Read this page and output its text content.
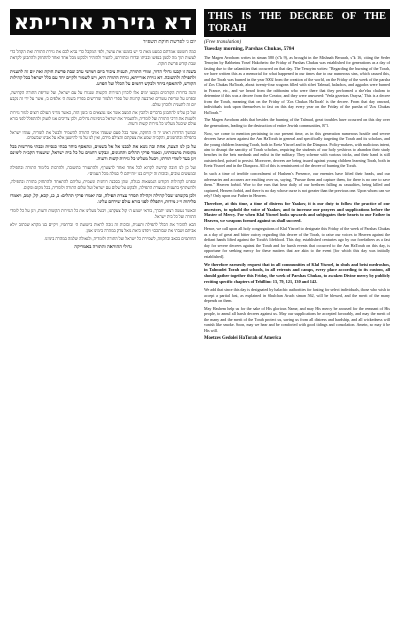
דא גזירת אורייתא
יום ג׳ לפרשת חוקת תשפ״ד

כמה חששנו אמרתם כמעט מאת כי יש בזמננו את עושר, ולפי המקבל כדי נביא לכם את גזירת התורה ואת הקהל כדי לעשות תוך מה לסמן בנפשו ובביתו ובדורו ובתורתנו, להעיר ולהזהיר ולבקש מכל אחד ואחד להתחזק ולהתכונן לקראת שבת קודש פרשת חוקת.

בשנה זו קבעו גדולי הדור, ומורי התורה, תענית ציבור ביום חמישי ערב שבת פרשת חוקת ואת יום זה לתענית ולתפילה ולתשובה. דא גזירת אורייתא, גזירת התורה היא, ויש לשמור ולקיים יחד עם כלל ישראל בכל קהילות הקודש, להתאסף ביחד ולבקש רחמים על הכלל ועל הפרט.

והנה בדורות הקודמים נקבעו ימים אלו לזכרון הגזירות הקשות שנגזרו על עם ישראל, ועל שריפת התורה הקדושה, ובפרט על שריפת עשרים וארבעה קרונות של ספרי תלמוד ומדרשים בפריז בשנת ה׳ אלפים ב׳, אשר על ידי זה נקבע יום זה לתענית ולזכרון עולם.

ועל כן עלינו להתבונן בדברים ולהבין את המצב אשר אנו נמצאים בו בזמן הזה, כאשר מדיני העולם רוצים לגזור גזירות ולשנות את דרכי התורה ועל לומדיה, ולהעמיד את ישראל בניסיונות גדולים, ולכן צריכים אנו לזעוק ולהתפלל לפני בורא עולם שיבטל מעלינו כל גזירות קשות ורעות.

ובמשך הדורות ראינו יד ה׳ החזקה, אשר בכל פעם שעמדו אויבי התורה להשמיד ולבטל את לומדיה, עמדו ישראל בתפילה ובתחנונים, והקב״ה שמע את צעקתם והצילם מידם, ואין לנו על מי להישען אלא על אבינו שבשמים.

על כן לנו הצעה, אחת ובה נשא את לבבנו אל אל בשמים, ונתאסף ביחד בבתי כנסיות ובבתי מדרשות בכל מקומות מושבותינו, ונאמר פרקי תהלים ותחנונים, ונבקש רחמים על כל בית ישראל, שיעמוד הקב״ה לימינם ויגן בעד לומדי תורתו, ויבטל מעלינו כל גזירות קשות ורעות.

ועל כן לנו חובה קדושה לקרוא לכל אחד ואחד להצטרף, ולהתעורר בתשובה, ולהרבות בלימוד התורה ובתפילה ובמעשים טובים, ובזכות זה יקויים בנו ״והייתם לי סגולה מכל העמים״.

ובפרט לקהילות הקודש הנמצאות בגולה, שהן בסכנה רוחנית וגשמית, עליהם להתאחד ולהתחזק בתורה ובתפילה, ולהשתתף בתענית ובעצרת התפילה, ולבקש על שלום עם ישראל ועל שלום התורה ולומדיה, בכל מקום ומקום.

ולכן בקשתנו שכל קהילה וקהילה תסדר עצרת תפילה, ובה יאמרו פרקי תהלים: כ, כג, קכא, קל, קמב, ויאמרו סליחות וי״ג מידות, ויתפללו לפני בורא עולם שירחם עלינו.

וכאשר נעשה רצונו יתברך, בודאי ישמע ה׳ קול צעקתנו, ויבטל מעלינו את כל הגזירות הקשות ורעות, ויגן על כל לומדי התורה ועל כל בית ישראל.

הבא להזכיר את הכלל לתפילה ותענית, ובזכות זה נזכה לראות בישועת ה׳ וברחמיו, ויקיים בנו מקרא שכתוב ״ולא אביתם ושבתי את שבותכם״ ויפדנו ביאת גואל צדק במהרה בימינו אמן.

החותמים בכאב ובתקווה, לשמירת כל ישראל ועל התורה ולומדיה, ולגאולה שלמה במהרה בימינו.

גדולי ההוראה והתורה באמריקה
THIS IS THE DECREE OF THE TORAH
(Free translation)
Tuesday morning, Parshas Chukas, 5784

The Magen Avrohom writes in siman 580 (s"k 9), as brought in the Mishnah Berurah, s"k 16, citing the Seder Tenoyim by Rabbeinu Yosef Hakohein: the Friday of Parshas Chukas was established for generations as a day of fasting due to the calamities that occurred on that day. The Tenoyim writes: "Regarding the burning of the Torah, we have written this as a memorial for what happened in our times due to our numerous sins, which caused this, and the Torah was burned in the year 5002 from the creation of the world, on the Friday of the week of the parsha of Zos Chukas HaTorah, about twenty-four wagons filled with sifrei Talmud, halachos, and aggados were burned in France, etc., and we heard from the rabbonim who were there that they performed a she'elas chalom to determine if this was a decree from the Creator, and they were answered: 'Veda gezeiras Oraysa,' This is a decree from the Torah, meaning that on the Friday of 'Zos Chukas HaTorah' is the decree. From that day onward, individuals took upon themselves to fast on this day every year on the Friday of the parsha of 'Zos Chukas HaTorah.'"

The Magen Avrohom adds that besides the burning of the Talmud, great troubles have occurred on this day over the generations, leading to the destruction of entire Jewish communities, R"l.

Now, we come to mention pertaining to our present time, as in this generation numerous hostile and severe decrees have arisen against the Am HaTorah in general and specifically targeting the Torah and its scholars, and the young children learning Torah, both in Eretz Yisroel and in the Diaspora. Policy-makers, with malicious intent, aim to disrupt the sanctity of Torah scholars, requiring the students of our holy yeshivos to abandon their study benches in the beis medrash and enlist in the military. They scheme with various tricks, and their hand is still outstretched, poised to persist. Moreover, decrees are being issued against young children learning Torah, both in Eretz Yisroel and in the Diaspora. All of this is reminiscent of the decree of burning the Torah.

In such a time of terrible concealment of Hashem's Presence, our enemies have lifted their heads, and our adversaries and accusers are exulting over us, saying, "Pursue them and capture them, for there is no one to save them." Heaven forbid. Woe to the ears that hear daily of our brethren falling as casualties, being killed and captured, Heaven forbid, and there is no day whose curse is not greater than the previous one. Upon whom can we rely? Only upon our Father in Heaven.

Therefore, at this time, a time of distress for Yaakov, it is our duty to follow the practice of our ancestors, to uphold the voice of Yaakov, and to increase our prayers and supplications before the Master of Mercy. For when Klal Yisroel looks upwards and subjugates their hearts to our Father in Heaven, we weapons formed against us shall succeed.

Hence, we call upon all holy congregations of Klal Yisroel to designate this Friday of the week of Parshas Chukas as a day of great and bitter outcry regarding this decree of the Torah, to raise our voices to Heaven against the defiant hands lifted against the Torah's lifeblood. This day, established centuries ago by our forefathers as a fast day for severe decrees against the Torah and for harsh events that occurred to the Am HaTorah on this day, is opportune for seeking mercy for these matters that are akin to the event [for which this day was initially established].

We therefore earnestly request that in all communities of Klal Yisroel, in shuls and beisi medroshos, in Talmudei Torah and schools, in all retreats and camps, every place according to its custom, all should gather together this Friday, the week of Parshas Chukas, to awaken Divine mercy by publicly reciting specific chapters of Tehillim: 13, 79, 121, 130 and 142.

We add that since this day is designated by halachic authorities for fasting for select individuals, those who wish to accept a partial fast, as explained in Shulchan Aruch siman 562, will be blessed, and the merit of the many depends on them.

May Hashem help us for the sake of His glorious Name, and may His mercy be aroused for the remnant of His people, to annul all harsh decrees against us. May our supplications be accepted favorably, and may the merit of the many and the merit of the Torah protect us, saving us from all distress and hardship, and all wickedness will vanish like smoke. Soon, may we hear and be comforted with good tidings and consolation. Amein, so may it be His will.

Moetzes Gedolei HaTorah of America
